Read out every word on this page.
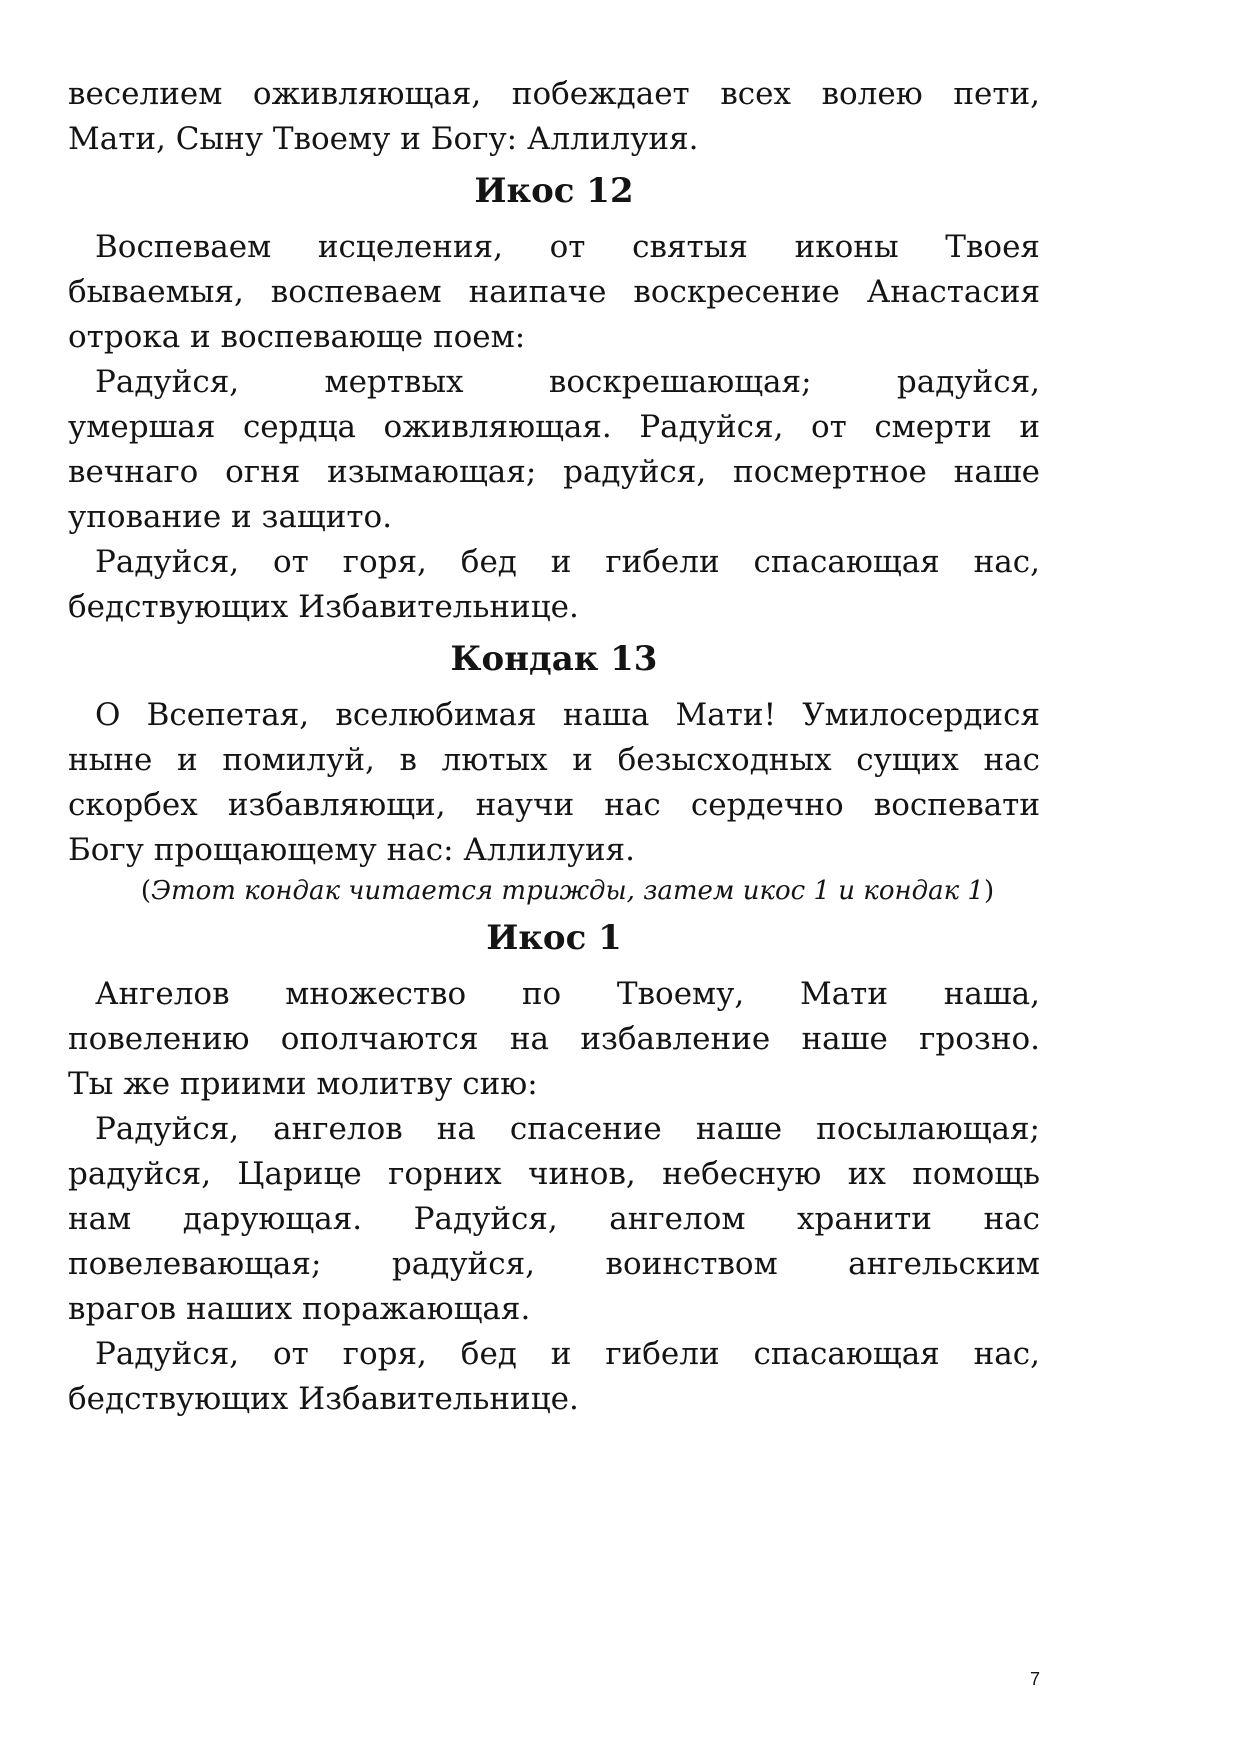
веселием оживляющая, побеждает всех волею пети,
Мати, Сыну Твоему и Богу: Аллилуия.

Икос 12

Воспеваем исцеления, от святыя иконы Твоея
бываемыя, воспеваем наипаче воскресение Анастасия
отрока и воспевающе поем:

Радуйся, мертвых воскрешающая; радуйся,
умершая сердца оживляющая. Радуйся, от смерти и
вечнаго огня изымающая; радуйся, посмертное наше
упование и защито.

Радуйся, от горя, бед и гибели спасающая нас,
бедствующих Избавительнице.

Кондак 13

О Всепетая, вселюбимая наша Мати! Умилосердися
ныне и помилуй, в лютых и безысходных сущих нас
скорбех избавляющи, научи нас сердечно воспевати
Богу прощающему нас: Аллилуия.

(Этот кондак читается трижды, затем икос 1 и кондак 1)

Икос 1

Ангелов множество по Твоему, Мати наша,
повелению ополчаются на избавление наше грозно.
Ты же приими молитву сию:

Радуйся, ангелов на спасение наше посылающая;
радуйся, Царице горних чинов, небесную их помощь
нам дарующая. Радуйся, ангелом хранити нас
повелевающая; радуйся, воинством ангельским
врагов наших поражающая.

Радуйся, от горя, бед и гибели спасающая нас,
бедствующих Избавительнице.

7
